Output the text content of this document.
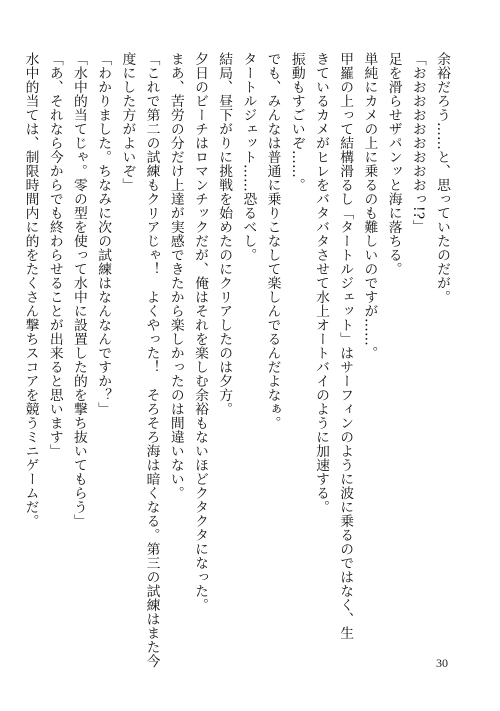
余裕だろう……と、思っていたのだが。

「おおおおおおおおおっ!?」

足を滑らせザパンッと海に落ちる。

単純にカメの上に乗るのも難しいのですが……。

甲羅の上って結構滑るし「タートルジェット」はサーフィンのように波に乗るのではなく、生

きているカメがヒレをバタバタさせて水上オートバイのように加速する。

振動もすごいぞ……。

でも、みんなは普通に乗りこなして楽しんでるんだよなぁ。

タートルジェット……恐るべし。

結局、昼下がりに挑戦を始めたのにクリアしたのは夕方。

夕日のビーチはロマンチックだが、俺はそれを楽しむ余裕もないほどクタクタになった。

まあ、苦労の分だけ上達が実感できたから楽しかったのは間違いない。

「これで第二の試練もクリアじゃ！　よくやった！　そろそろ海は暗くなる。第三の試練はまた今

度にした方がよいぞ」

「わかりました。ちなみに次の試練はなんなんですか？」

「水中的当てじゃ。零の型を使って水中に設置した的を撃ち抜いてもらう」

「あ、それなら今からでも終わらせることが出来ると思います」

水中的当ては、制限時間内に的をたくさん撃ちスコアを競うミニゲームだ。

30
